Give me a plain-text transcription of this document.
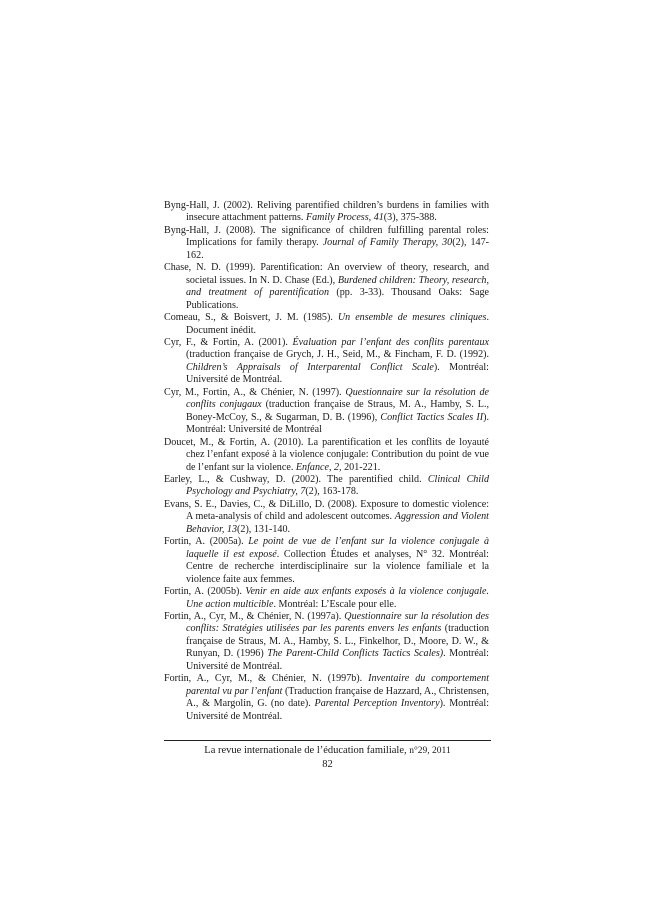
Byng-Hall, J. (2002). Reliving parentified children’s burdens in families with insecure attachment patterns. Family Process, 41(3), 375-388.

Byng-Hall, J. (2008). The significance of children fulfilling parental roles: Implications for family therapy. Journal of Family Therapy, 30(2), 147-162.

Chase, N. D. (1999). Parentification: An overview of theory, research, and societal issues. In N. D. Chase (Ed.), Burdened children: Theory, research, and treatment of parentification (pp. 3-33). Thousand Oaks: Sage Publications.

Comeau, S., & Boisvert, J. M. (1985). Un ensemble de mesures cliniques. Document inédit.

Cyr, F., & Fortin, A. (2001). Évaluation par l’enfant des conflits parentaux (traduction française de Grych, J. H., Seid, M., & Fincham, F. D. (1992). Children’s Appraisals of Interparental Conflict Scale). Montréal: Université de Montréal.

Cyr, M., Fortin, A., & Chénier, N. (1997). Questionnaire sur la résolution de conflits conjugaux (traduction française de Straus, M. A., Hamby, S. L., Boney-McCoy, S., & Sugarman, D. B. (1996), Conflict Tactics Scales II). Montréal: Université de Montréal

Doucet, M., & Fortin, A. (2010). La parentification et les conflits de loyauté chez l’enfant exposé à la violence conjugale: Contribution du point de vue de l’enfant sur la violence. Enfance, 2, 201-221.

Earley, L., & Cushway, D. (2002). The parentified child. Clinical Child Psychology and Psychiatry, 7(2), 163-178.

Evans, S. E., Davies, C., & DiLillo, D. (2008). Exposure to domestic violence: A meta-analysis of child and adolescent outcomes. Aggression and Violent Behavior, 13(2), 131-140.

Fortin, A. (2005a). Le point de vue de l’enfant sur la violence conjugale à laquelle il est exposé. Collection Études et analyses, N° 32. Montréal: Centre de recherche interdisciplinaire sur la violence familiale et la violence faite aux femmes.

Fortin, A. (2005b). Venir en aide aux enfants exposés à la violence conjugale. Une action multicible. Montréal: L’Escale pour elle.

Fortin, A., Cyr, M., & Chénier, N. (1997a). Questionnaire sur la résolution des conflits: Stratégies utilisées par les parents envers les enfants (traduction française de Straus, M. A., Hamby, S. L., Finkelhor, D., Moore, D. W., & Runyan, D. (1996) The Parent-Child Conflicts Tactics Scales). Montréal: Université de Montréal.

Fortin, A., Cyr, M., & Chénier, N. (1997b). Inventaire du comportement parental vu par l’enfant (Traduction française de Hazzard, A., Christensen, A., & Margolin, G. (no date). Parental Perception Inventory). Montréal: Université de Montréal.

La revue internationale de l’éducation familiale, n°29, 2011
82
